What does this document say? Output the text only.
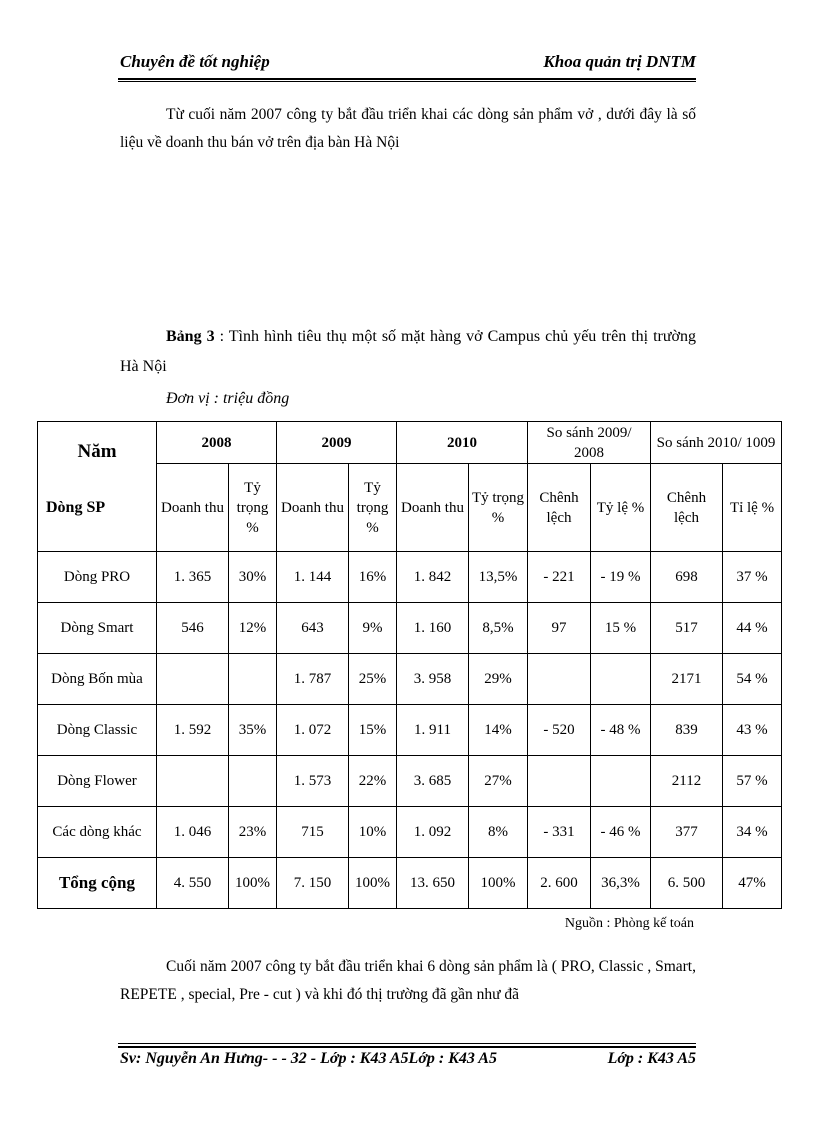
Chuyên đề tốt nghiệp	Khoa quản trị DNTM

Từ cuối năm 2007 công ty bắt đầu triển khai các dòng sản phẩm vở , dưới đây là số liệu về doanh thu bán vở trên địa bàn Hà Nội

Bảng 3 : Tình hình tiêu thụ một số mặt hàng vở Campus chủ yếu trên thị trường Hà Nội

Đơn vị : triệu đồng
Năm
Dòng SP	2008		2009		2010		So sánh 2009/ 2008		So sánh 2010/ 1009	
	Doanh thu	Tỷ trọng %	Doanh thu	Tỷ trọng %	Doanh thu	Tỷ trọng %	Chênh lệch	Tỷ lệ %	Chênh lệch	Tỉ lệ %
Dòng PRO	1. 365	30%	1. 144	16%	1. 842	13,5%	- 221	- 19 %	698	37 %
Dòng Smart	546	12%	643	9%	1. 160	8,5%	97	15 %	517	44 %
Dòng Bốn mùa			1. 787	25%	3. 958	29%			2171	54 %
Dòng Classic	1. 592	35%	1. 072	15%	1. 911	14%	- 520	- 48 %	839	43 %
Dòng Flower			1. 573	22%	3. 685	27%			2112	57 %
Các dòng khác	1. 046	23%	715	10%	1. 092	8%	- 331	- 46 %	377	34 %
Tổng cộng	4. 550	100%	7. 150	100%	13. 650	100%	2. 600	36,3%	6. 500	47%
Nguồn : Phòng kế toán

Cuối năm 2007 công ty bắt đầu triển khai 6 dòng sản phẩm là ( PRO, Classic , Smart, REPETE , special, Pre - cut ) và khi đó thị trường đã gần như đã

Sv: Nguyễn An Hưng- - - 32 - Lớp : K43 A5Lớp : K43 A5	Lớp : K43 A5
